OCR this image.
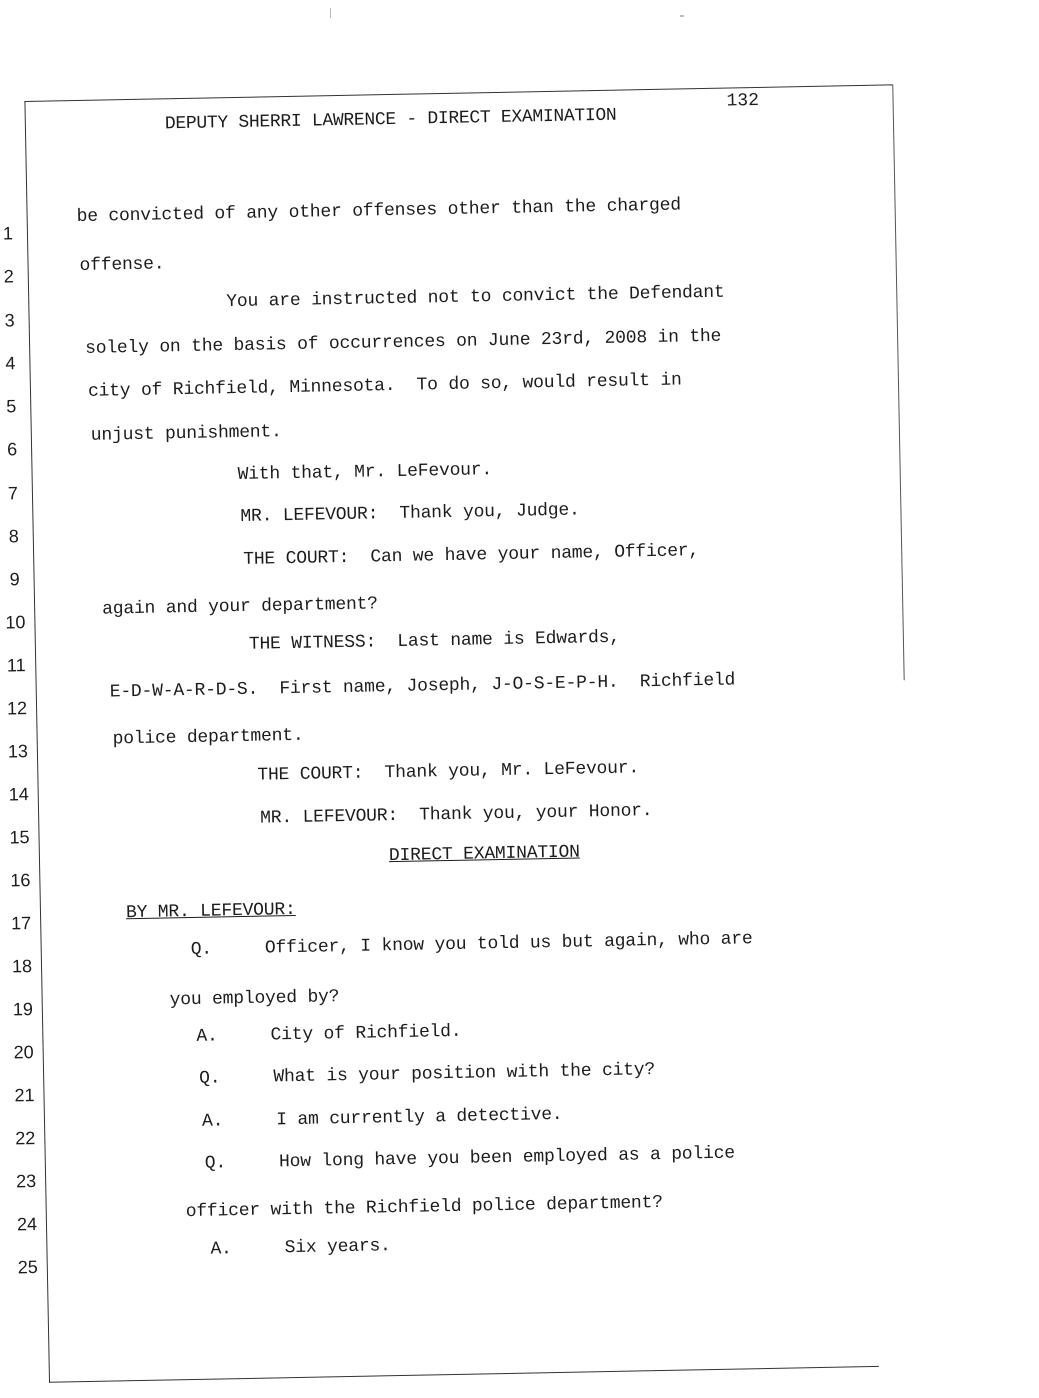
DEPUTY SHERRI LAWRENCE - DIRECT EXAMINATION
132
1
be convicted of any other offenses other than the charged
2
offense.
3
You are instructed not to convict the Defendant
4
solely on the basis of occurrences on June 23rd, 2008 in the
5
city of Richfield, Minnesota.  To do so, would result in
6
unjust punishment.
7
With that, Mr. LeFevour.
8
MR. LEFEVOUR:  Thank you, Judge.
9
THE COURT:  Can we have your name, Officer,
10
again and your department?
11
THE WITNESS:  Last name is Edwards,
12
E-D-W-A-R-D-S.  First name, Joseph, J-O-S-E-P-H.  Richfield
13
police department.
14
THE COURT:  Thank you, Mr. LeFevour.
15
MR. LEFEVOUR:  Thank you, your Honor.
16
DIRECT EXAMINATION
17
BY MR. LEFEVOUR:
18
Q.     Officer, I know you told us but again, who are
19	you employed by?
20
A.     City of Richfield.
21
Q.     What is your position with the city?
22
A.     I am currently a detective.
23
Q.     How long have you been employed as a police
24
officer with the Richfield police department?
25
A.     Six years.
